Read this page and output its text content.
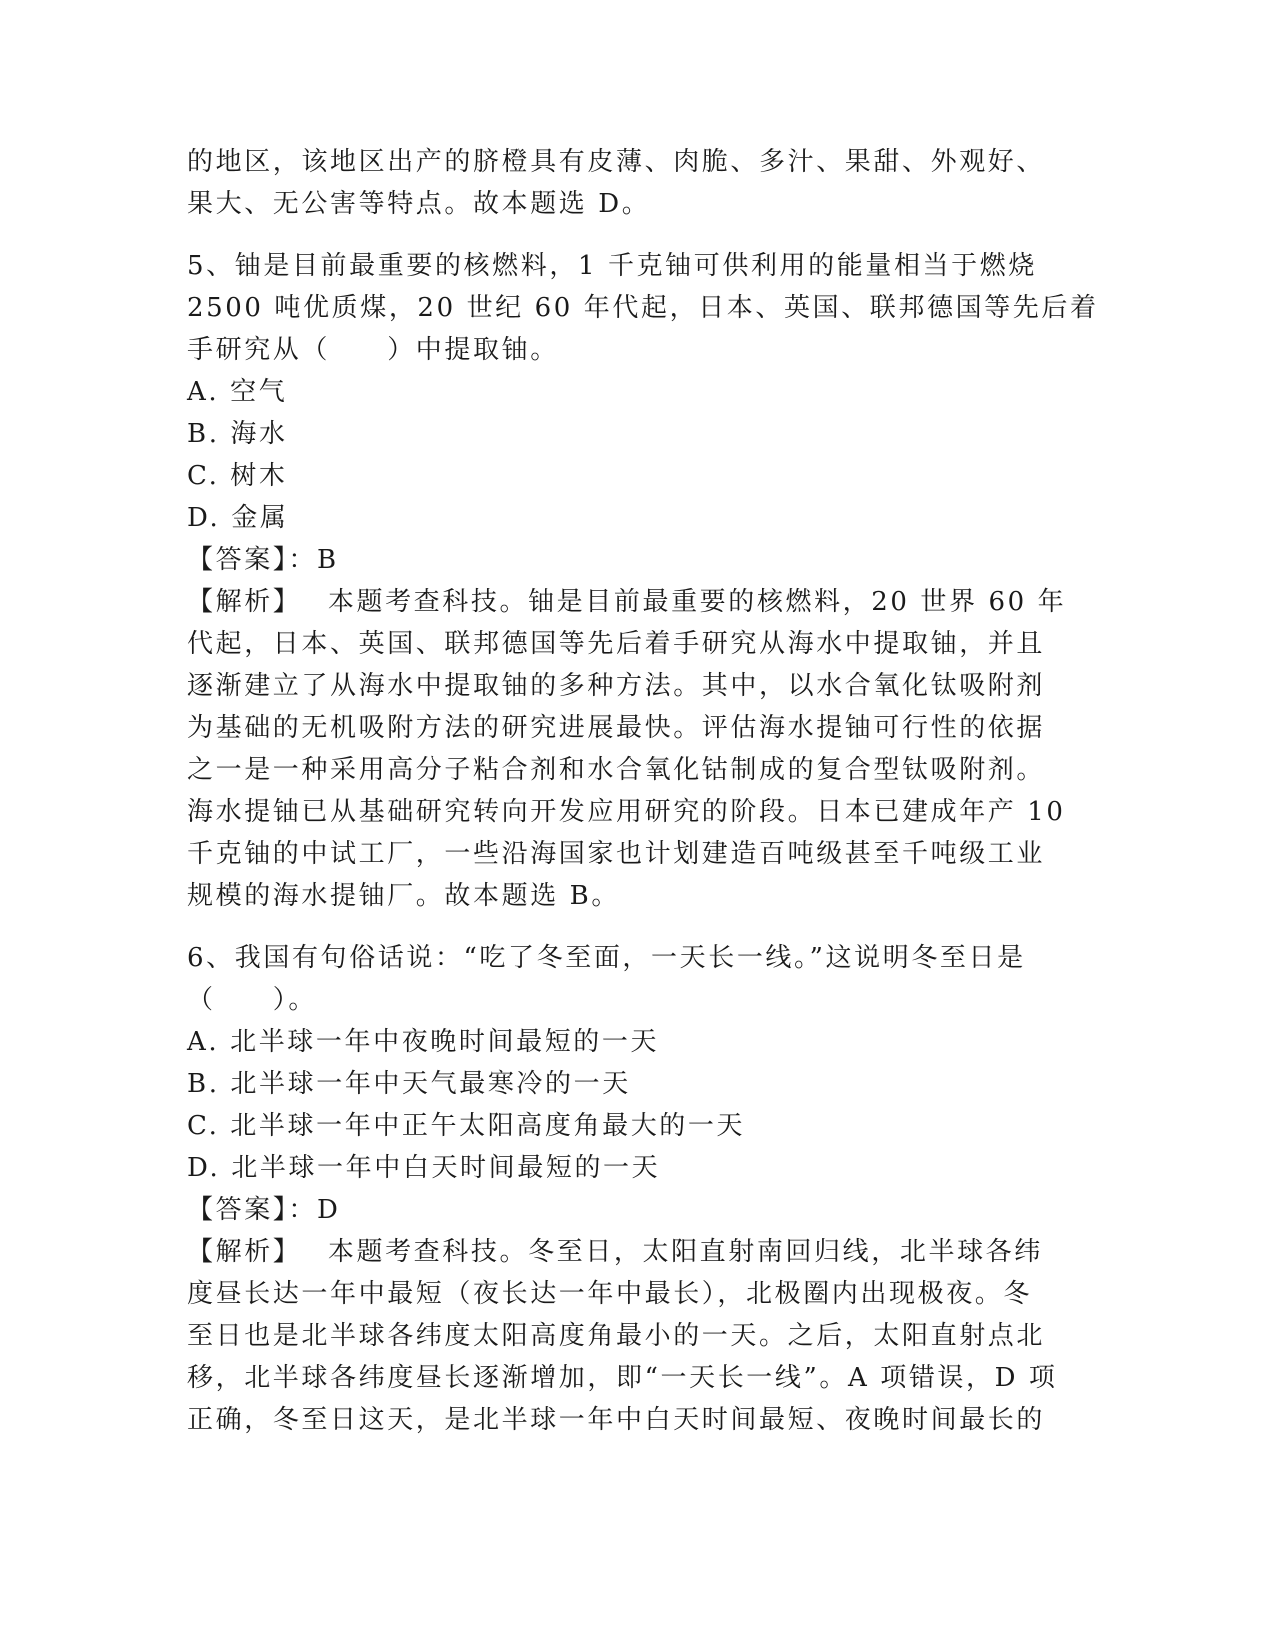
的地区，该地区出产的脐橙具有皮薄、肉脆、多汁、果甜、外观好、
果大、无公害等特点。故本题选 D。
5、铀是目前最重要的核燃料，1 千克铀可供利用的能量相当于燃烧
2500 吨优质煤，20 世纪 60 年代起，日本、英国、联邦德国等先后着
手研究从（　　）中提取铀。
A. 空气
B. 海水
C. 树木
D. 金属
【答案】：B
【解析】　 本题考查科技。铀是目前最重要的核燃料，20 世界 60 年
代起，日本、英国、联邦德国等先后着手研究从海水中提取铀，并且
逐渐建立了从海水中提取铀的多种方法。其中，以水合氧化钛吸附剂
为基础的无机吸附方法的研究进展最快。评估海水提铀可行性的依据
之一是一种采用高分子粘合剂和水合氧化钴制成的复合型钛吸附剂。
海水提铀已从基础研究转向开发应用研究的阶段。日本已建成年产 10
千克铀的中试工厂，一些沿海国家也计划建造百吨级甚至千吨级工业
规模的海水提铀厂。故本题选 B。
6、我国有句俗话说：“吃了冬至面，一天长一线。”这说明冬至日是
（　　）。
A. 北半球一年中夜晚时间最短的一天
B. 北半球一年中天气最寒冷的一天
C. 北半球一年中正午太阳高度角最大的一天
D. 北半球一年中白天时间最短的一天
【答案】：D
【解析】　 本题考查科技。冬至日，太阳直射南回归线，北半球各纬
度昼长达一年中最短（夜长达一年中最长），北极圈内出现极夜。冬
至日也是北半球各纬度太阳高度角最小的一天。之后，太阳直射点北
移，北半球各纬度昼长逐渐增加，即“一天长一线”。A 项错误，D 项
正确，冬至日这天，是北半球一年中白天时间最短、夜晚时间最长的
